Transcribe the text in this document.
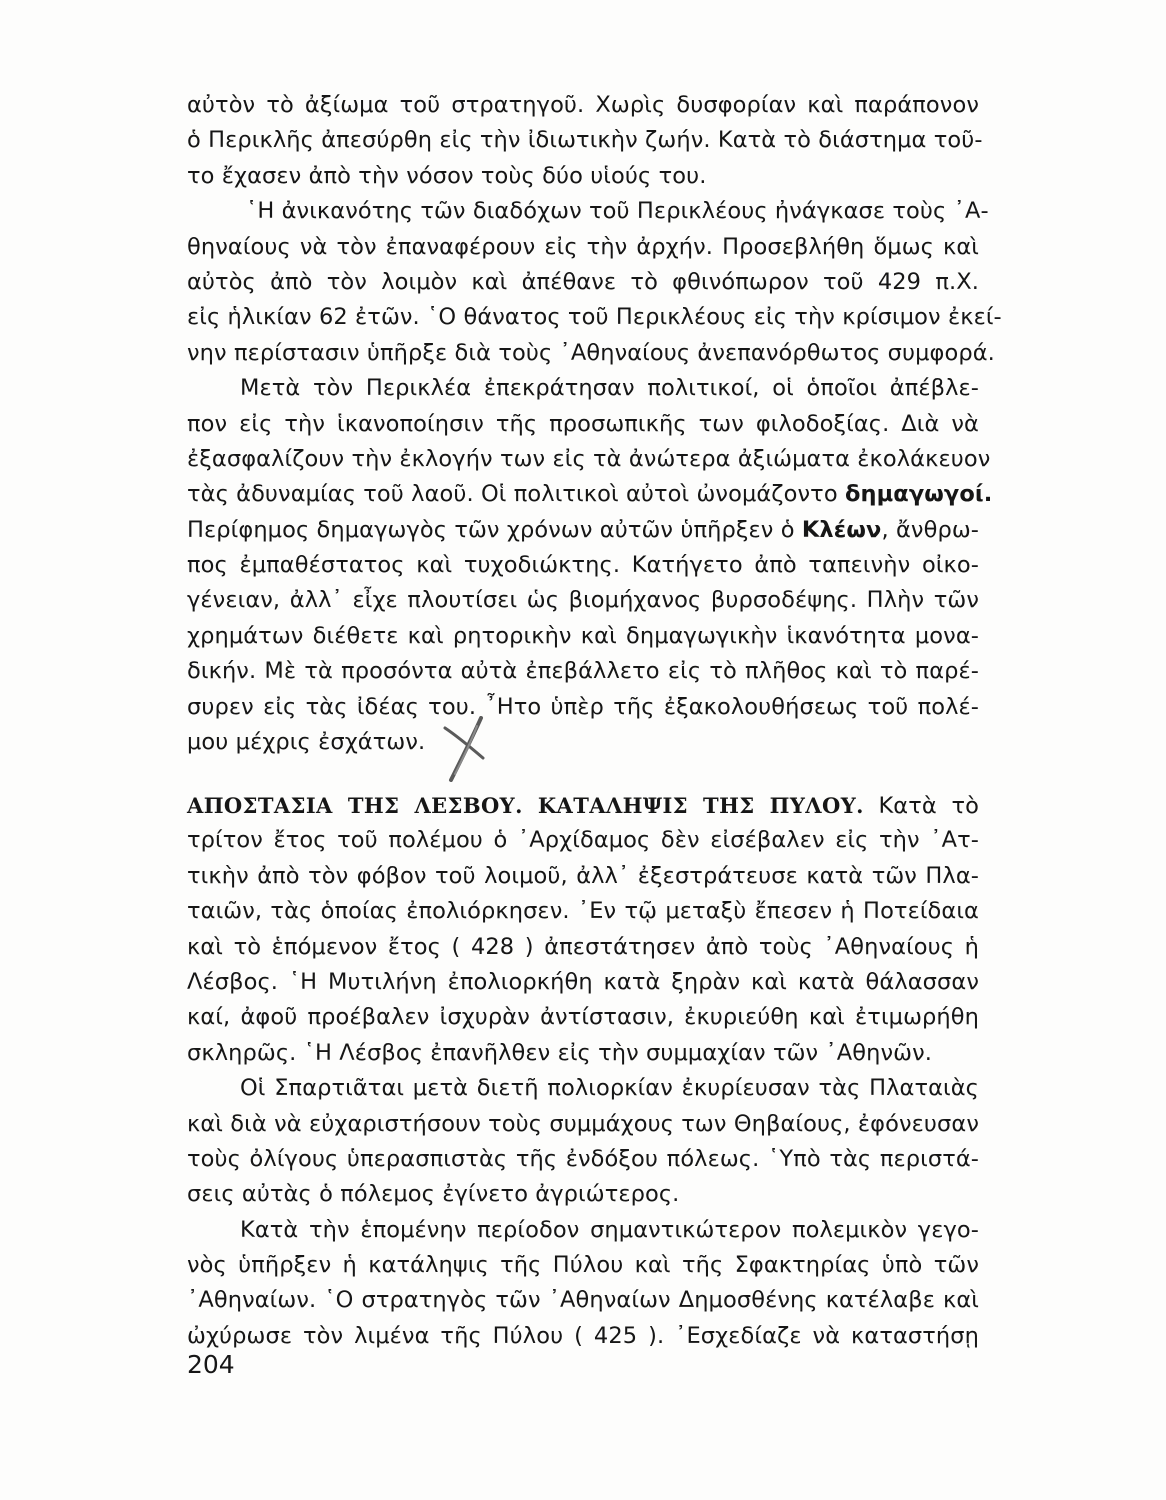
αὐτὸν τὸ ἀξίωμα τοῦ στρατηγοῦ. Χωρὶς δυσφορίαν καὶ παράπονον
ὁ Περικλῆς ἀπεσύρθη εἰς τὴν ἰδιωτικὴν ζωήν. Κατὰ τὸ διάστημα τοῦ-
το ἔχασεν ἀπὸ τὴν νόσον τοὺς δύο υἱούς του.
῾Η ἀνικανότης τῶν διαδόχων τοῦ Περικλέους ἠνάγκασε τοὺς ᾿Α-
θηναίους νὰ τὸν ἐπαναφέρουν εἰς τὴν ἀρχήν. Προσεβλήθη ὅμως καὶ
αὐτὸς ἀπὸ τὸν λοιμὸν καὶ ἀπέθανε τὸ φθινόπωρον τοῦ 429 π.Χ.
εἰς ἡλικίαν 62 ἐτῶν. ῾Ο θάνατος τοῦ Περικλέους εἰς τὴν κρίσιμον ἐκεί-
νην περίστασιν ὑπῆρξε διὰ τοὺς ᾿Αθηναίους ἀνεπανόρθωτος συμφορά.
Μετὰ τὸν Περικλέα ἐπεκράτησαν πολιτικοί, οἱ ὁποῖοι ἀπέβλε-
πον εἰς τὴν ἱκανοποίησιν τῆς προσωπικῆς των φιλοδοξίας. Διὰ νὰ
ἐξασφαλίζουν τὴν ἐκλογήν των εἰς τὰ ἀνώτερα ἀξιώματα ἐκολάκευον
τὰς ἀδυναμίας τοῦ λαοῦ. Οἱ πολιτικοὶ αὐτοὶ ὠνομάζοντο δημαγωγοί.
Περίφημος δημαγωγὸς τῶν χρόνων αὐτῶν ὑπῆρξεν ὁ Κλέων, ἄνθρω-
πος ἐμπαθέστατος καὶ τυχοδιώκτης. Κατήγετο ἀπὸ ταπεινὴν οἰκο-
γένειαν, ἀλλ᾿ εἶχε πλουτίσει ὡς βιομήχανος βυρσοδέψης. Πλὴν τῶν
χρημάτων διέθετε καὶ ρητορικὴν καὶ δημαγωγικὴν ἱκανότητα μονα-
δικήν. Μὲ τὰ προσόντα αὐτὰ ἐπεβάλλετο εἰς τὸ πλῆθος καὶ τὸ παρέ-
συρεν εἰς τὰς ἰδέας του. ῏Ητο ὑπὲρ τῆς ἐξακολουθήσεως τοῦ πολέ-
μου μέχρις ἐσχάτων.
ΑΠΟΣΤΑΣΙΑ ΤΗΣ ΛΕΣΒΟΥ. ΚΑΤΑΛΗΨΙΣ ΤΗΣ ΠΥΛΟΥ. Κατὰ τὸ
τρίτον ἔτος τοῦ πολέμου ὁ ᾿Αρχίδαμος δὲν εἰσέβαλεν εἰς τὴν ᾿Ατ-
τικὴν ἀπὸ τὸν φόβον τοῦ λοιμοῦ, ἀλλ᾿ ἐξεστράτευσε κατὰ τῶν Πλα-
ταιῶν, τὰς ὁποίας ἐπολιόρκησεν. ᾿Εν τῷ μεταξὺ ἔπεσεν ἡ Ποτείδαια
καὶ τὸ ἑπόμενον ἔτος ( 428 ) ἀπεστάτησεν ἀπὸ τοὺς ᾿Αθηναίους ἡ
Λέσβος. ῾Η Μυτιλήνη ἐπολιορκήθη κατὰ ξηρὰν καὶ κατὰ θάλασσαν
καί, ἀφοῦ προέβαλεν ἰσχυρὰν ἀντίστασιν, ἐκυριεύθη καὶ ἐτιμωρήθη
σκληρῶς. ῾Η Λέσβος ἐπανῆλθεν εἰς τὴν συμμαχίαν τῶν ᾿Αθηνῶν.
Οἱ Σπαρτιᾶται μετὰ διετῆ πολιορκίαν ἐκυρίευσαν τὰς Πλαταιὰς
καὶ διὰ νὰ εὐχαριστήσουν τοὺς συμμάχους των Θηβαίους, ἐφόνευσαν
τοὺς ὀλίγους ὑπερασπιστὰς τῆς ἐνδόξου πόλεως. ῾Υπὸ τὰς περιστά-
σεις αὐτὰς ὁ πόλεμος ἐγίνετο ἀγριώτερος.
Κατὰ τὴν ἑπομένην περίοδον σημαντικώτερον πολεμικὸν γεγο-
νὸς ὑπῆρξεν ἡ κατάληψις τῆς Πύλου καὶ τῆς Σφακτηρίας ὑπὸ τῶν
᾿Αθηναίων. ῾Ο στρατηγὸς τῶν ᾿Αθηναίων Δημοσθένης κατέλαβε καὶ
ὠχύρωσε τὸν λιμένα τῆς Πύλου ( 425 ). ᾿Εσχεδίαζε νὰ καταστήσῃ
204
